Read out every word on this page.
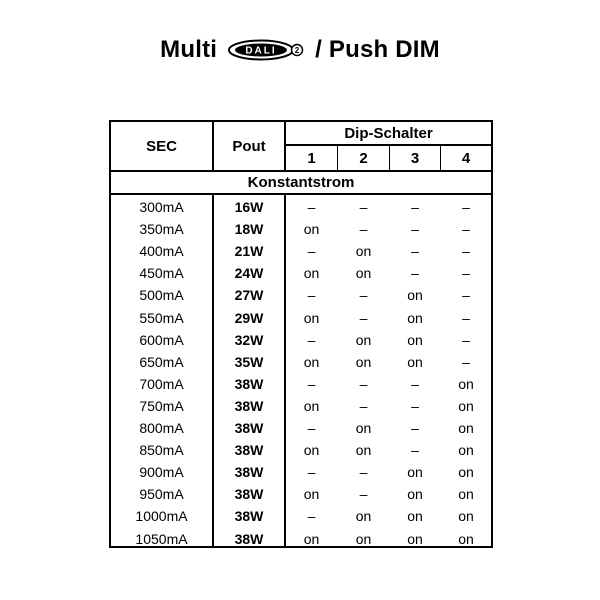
Multi	DALI 2 / Push DIM
SEC	Pout
Dip-Schalter
1	2	3	4
Konstantstrom
300mA	16W	–	–	–	–
350mA	18W	on	–	–	–
400mA	21W	–	on	–	–
450mA	24W	on	on	–	–
500mA	27W	–	–	on	–
550mA	29W	on	–	on	–
600mA	32W	–	on	on	–
650mA	35W	on	on	on	–
700mA	38W	–	–	–	on
750mA	38W	on	–	–	on
800mA	38W	–	on	–	on
850mA	38W	on	on	–	on
900mA	38W	–	–	on	on
950mA	38W	on	–	on	on
1000mA	38W	–	on	on	on
1050mA	38W	on	on	on	on
